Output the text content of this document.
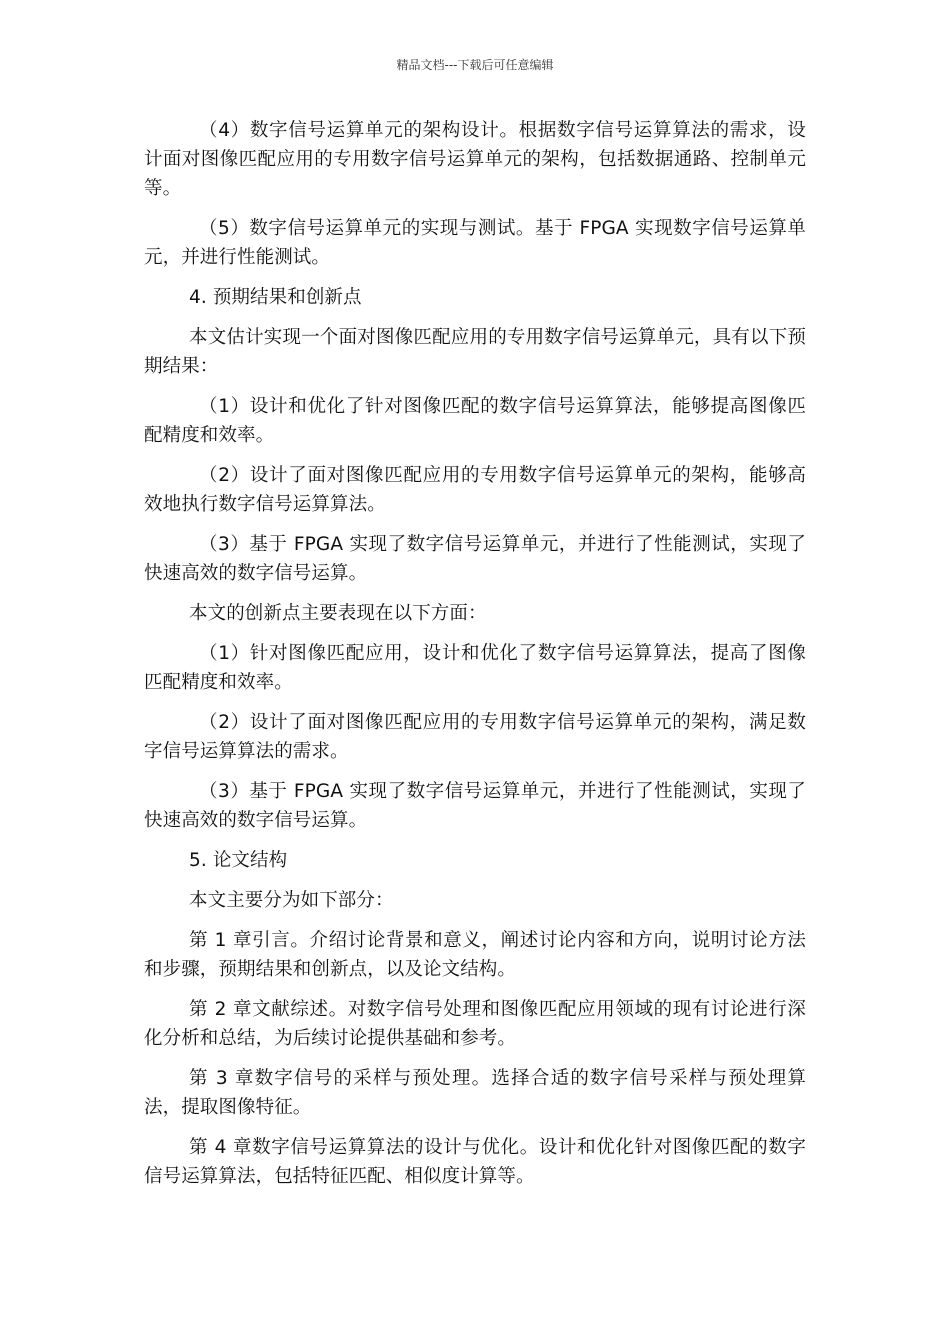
精品文档---下载后可任意编辑

（4）数字信号运算单元的架构设计。根据数字信号运算算法的需求，设计面对图像匹配应用的专用数字信号运算单元的架构，包括数据通路、控制单元等。

（5）数字信号运算单元的实现与测试。基于 FPGA 实现数字信号运算单元，并进行性能测试。

4. 预期结果和创新点

本文估计实现一个面对图像匹配应用的专用数字信号运算单元，具有以下预期结果：

（1）设计和优化了针对图像匹配的数字信号运算算法，能够提高图像匹配精度和效率。

（2）设计了面对图像匹配应用的专用数字信号运算单元的架构，能够高效地执行数字信号运算算法。

（3）基于 FPGA 实现了数字信号运算单元，并进行了性能测试，实现了快速高效的数字信号运算。

本文的创新点主要表现在以下方面：

（1）针对图像匹配应用，设计和优化了数字信号运算算法，提高了图像匹配精度和效率。

（2）设计了面对图像匹配应用的专用数字信号运算单元的架构，满足数字信号运算算法的需求。

（3）基于 FPGA 实现了数字信号运算单元，并进行了性能测试，实现了快速高效的数字信号运算。

5. 论文结构

本文主要分为如下部分：

第 1 章引言。介绍讨论背景和意义，阐述讨论内容和方向，说明讨论方法和步骤，预期结果和创新点，以及论文结构。

第 2 章文献综述。对数字信号处理和图像匹配应用领域的现有讨论进行深化分析和总结，为后续讨论提供基础和参考。

第 3 章数字信号的采样与预处理。选择合适的数字信号采样与预处理算法，提取图像特征。

第 4 章数字信号运算算法的设计与优化。设计和优化针对图像匹配的数字信号运算算法，包括特征匹配、相似度计算等。
